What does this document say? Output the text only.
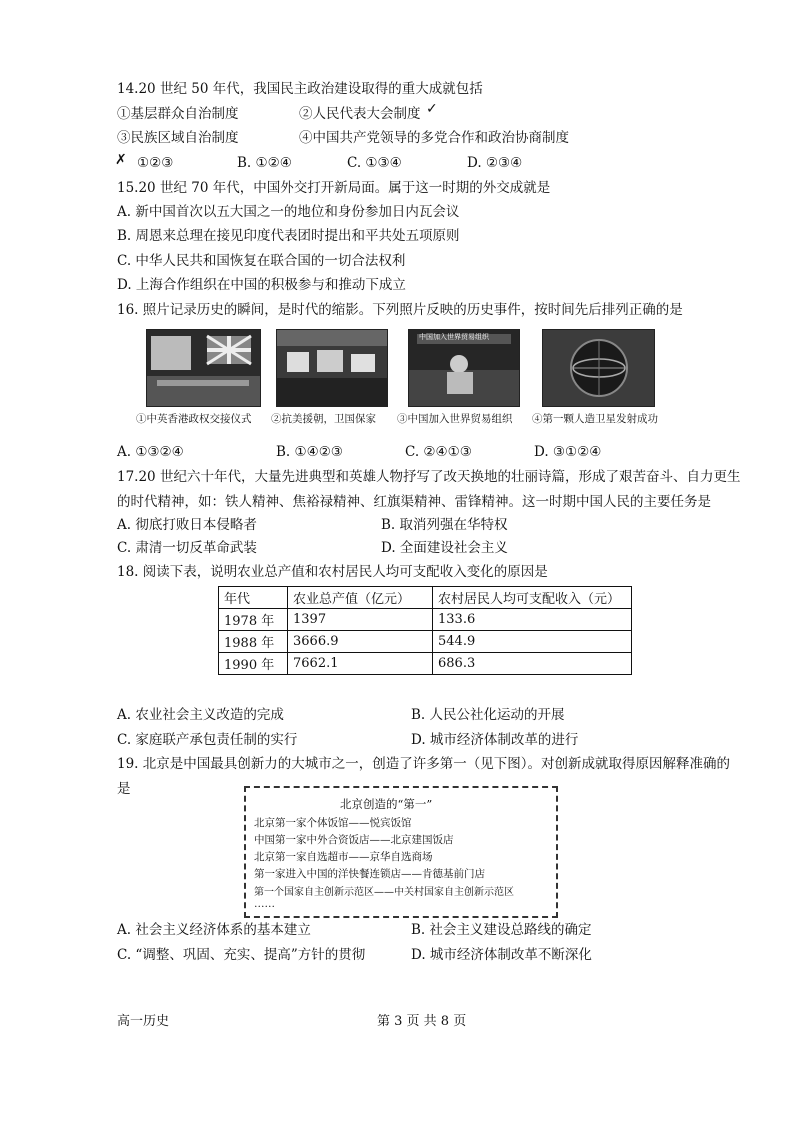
14.20 世纪 50 年代，我国民主政治建设取得的重大成就包括
①基层群众自治制度	②人民代表大会制度 ✓
③民族区域自治制度	④中国共产党领导的多党合作和政治协商制度
✗ ①②③	B. ①②④	C. ①③④	D. ②③④
15.20 世纪 70 年代，中国外交打开新局面。属于这一时期的外交成就是
A. 新中国首次以五大国之一的地位和身份参加日内瓦会议
B. 周恩来总理在接见印度代表团时提出和平共处五项原则
C. 中华人民共和国恢复在联合国的一切合法权利
D. 上海合作组织在中国的积极参与和推动下成立
16. 照片记录历史的瞬间，是时代的缩影。下列照片反映的历史事件，按时间先后排列正确的是
中国加入世界贸易组织
①中英香港政权交接仪式 ②抗美援朝，卫国保家 ③中国加入世界贸易组织 ④第一颗人造卫星发射成功
A. ①③②④	B. ①④②③	C. ②④①③	D. ③①②④
17.20 世纪六十年代，大量先进典型和英雄人物抒写了改天换地的壮丽诗篇，形成了艰苦奋斗、自力更生
的时代精神，如：铁人精神、焦裕禄精神、红旗渠精神、雷锋精神。这一时期中国人民的主要任务是
A. 彻底打败日本侵略者	B. 取消列强在华特权
C. 肃清一切反革命武装	D. 全面建设社会主义
18. 阅读下表，说明农业总产值和农村居民人均可支配收入变化的原因是
年代	农业总产值（亿元）	农村居民人均可支配收入（元）
1978 年	1397	133.6
1988 年	3666.9	544.9
1990 年	7662.1	686.3
A. 农业社会主义改造的完成	B. 人民公社化运动的开展
C. 家庭联产承包责任制的实行	D. 城市经济体制改革的进行
19. 北京是中国最具创新力的大城市之一，创造了许多第一（见下图）。对创新成就取得原因解释准确的
是
北京创造的“第一”
北京第一家个体饭馆——悦宾饭馆
中国第一家中外合资饭店——北京建国饭店
北京第一家自选超市——京华自选商场
第一家进入中国的洋快餐连锁店——肯德基前门店
第一个国家自主创新示范区——中关村国家自主创新示范区
……
A. 社会主义经济体系的基本建立	B. 社会主义建设总路线的确定
C. “调整、巩固、充实、提高”方针的贯彻	D. 城市经济体制改革不断深化
高一历史	第 3 页 共 8 页
